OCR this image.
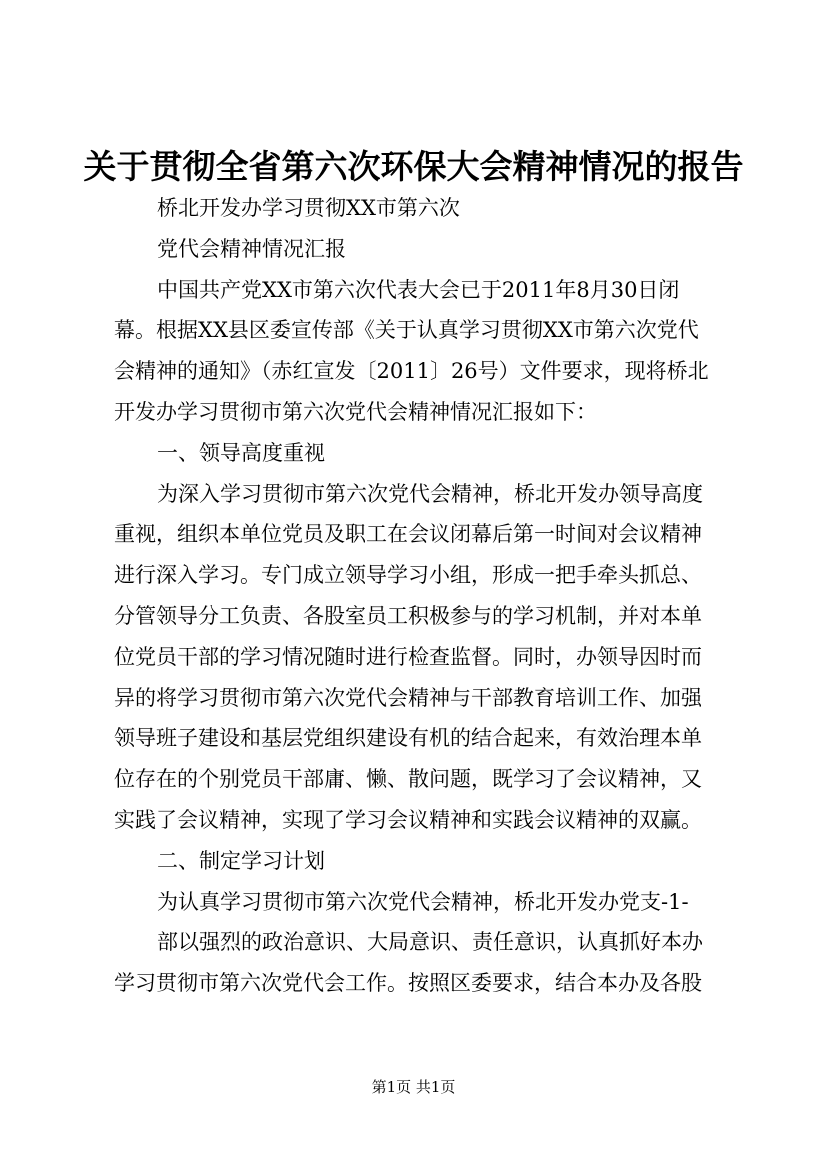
关于贯彻全省第六次环保大会精神情况的报告
桥北开发办学习贯彻XX市第六次
党代会精神情况汇报
中国共产党XX市第六次代表大会已于2011年8月30日闭
幕。根据XX县区委宣传部《关于认真学习贯彻XX市第六次党代
会精神的通知》（赤红宣发〔2011〕26号）文件要求，现将桥北
开发办学习贯彻市第六次党代会精神情况汇报如下：
一、领导高度重视
为深入学习贯彻市第六次党代会精神，桥北开发办领导高度
重视，组织本单位党员及职工在会议闭幕后第一时间对会议精神
进行深入学习。专门成立领导学习小组，形成一把手牵头抓总、
分管领导分工负责、各股室员工积极参与的学习机制，并对本单
位党员干部的学习情况随时进行检查监督。同时，办领导因时而
异的将学习贯彻市第六次党代会精神与干部教育培训工作、加强
领导班子建设和基层党组织建设有机的结合起来，有效治理本单
位存在的个别党员干部庸、懒、散问题，既学习了会议精神，又
实践了会议精神，实现了学习会议精神和实践会议精神的双赢。
二、制定学习计划
为认真学习贯彻市第六次党代会精神，桥北开发办党支-1-
部以强烈的政治意识、大局意识、责任意识，认真抓好本办
学习贯彻市第六次党代会工作。按照区委要求，结合本办及各股
第1页 共1页
